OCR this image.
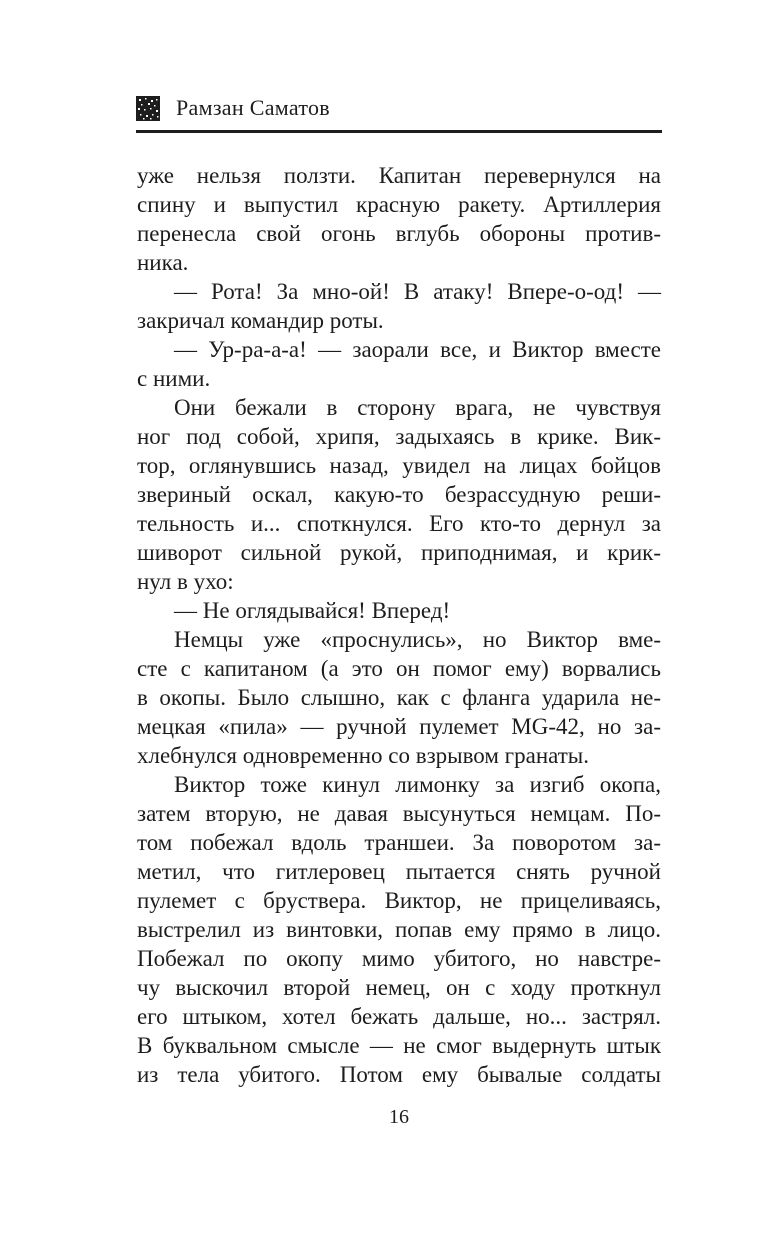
Рамзан Саматов
уже нельзя ползти. Капитан перевернулся на
спину и выпустил красную ракету. Артиллерия
перенесла свой огонь вглубь обороны против-
ника.
— Рота! За мно-ой! В атаку! Впере-о-од! —
закричал командир роты.
— Ур-ра-а-а! — заорали все, и Виктор вместе
с ними.
Они бежали в сторону врага, не чувствуя
ног под собой, хрипя, задыхаясь в крике. Вик-
тор, оглянувшись назад, увидел на лицах бойцов
звериный оскал, какую-то безрассудную реши-
тельность и... споткнулся. Его кто-то дернул за
шиворот сильной рукой, приподнимая, и крик-
нул в ухо:
— Не оглядывайся! Вперед!
Немцы уже «проснулись», но Виктор вме-
сте с капитаном (а это он помог ему) ворвались
в окопы. Было слышно, как с фланга ударила не-
мецкая «пила» — ручной пулемет MG-42, но за-
хлебнулся одновременно со взрывом гранаты.
Виктор тоже кинул лимонку за изгиб окопа,
затем вторую, не давая высунуться немцам. По-
том побежал вдоль траншеи. За поворотом за-
метил, что гитлеровец пытается снять ручной
пулемет с бруствера. Виктор, не прицеливаясь,
выстрелил из винтовки, попав ему прямо в лицо.
Побежал по окопу мимо убитого, но навстре-
чу выскочил второй немец, он с ходу проткнул
его штыком, хотел бежать дальше, но... застрял.
В буквальном смысле — не смог выдернуть штык
из тела убитого. Потом ему бывалые солдаты
16
